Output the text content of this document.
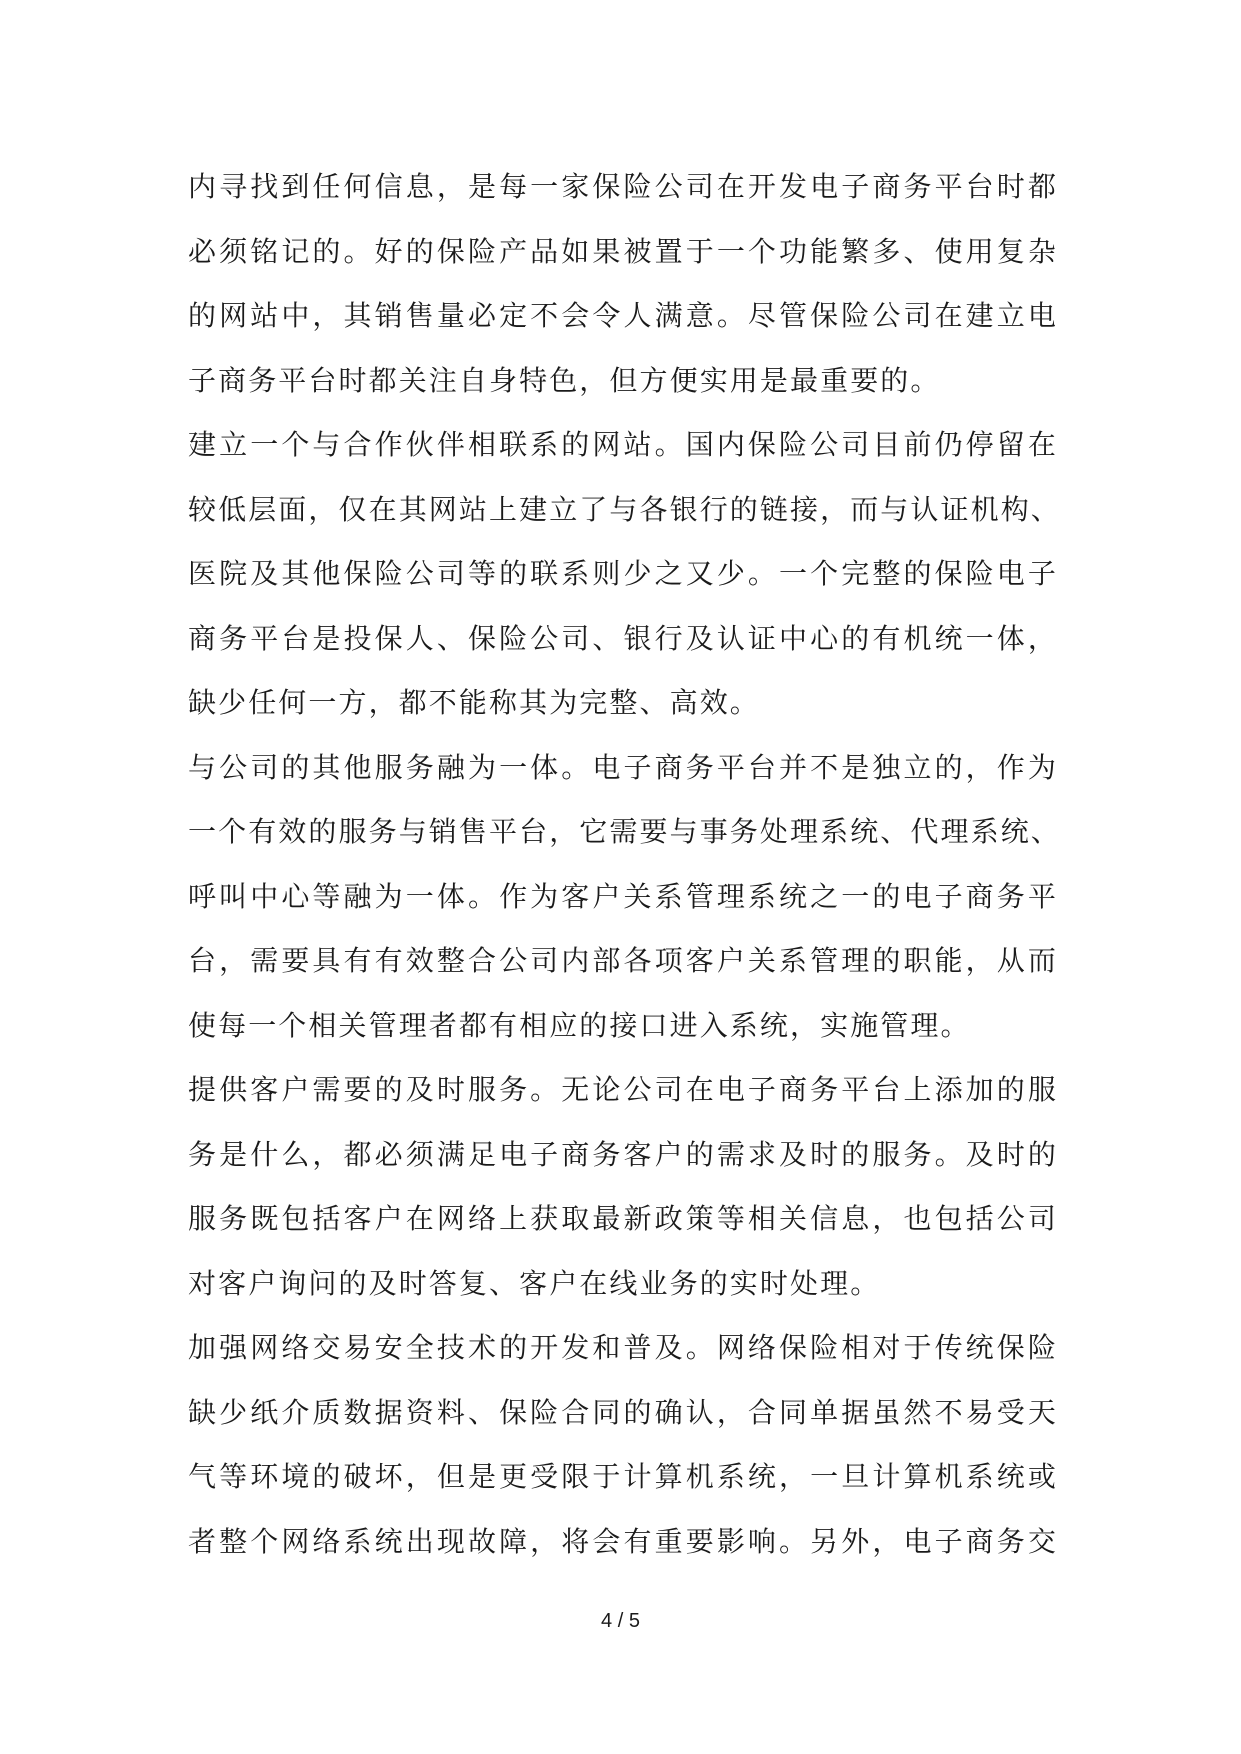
内寻找到任何信息，是每一家保险公司在开发电子商务平台时都
必须铭记的。好的保险产品如果被置于一个功能繁多、使用复杂
的网站中，其销售量必定不会令人满意。尽管保险公司在建立电
子商务平台时都关注自身特色，但方便实用是最重要的。
建立一个与合作伙伴相联系的网站。国内保险公司目前仍停留在
较低层面，仅在其网站上建立了与各银行的链接，而与认证机构、
医院及其他保险公司等的联系则少之又少。一个完整的保险电子
商务平台是投保人、保险公司、银行及认证中心的有机统一体，
缺少任何一方，都不能称其为完整、高效。
与公司的其他服务融为一体。电子商务平台并不是独立的，作为
一个有效的服务与销售平台，它需要与事务处理系统、代理系统、
呼叫中心等融为一体。作为客户关系管理系统之一的电子商务平
台，需要具有有效整合公司内部各项客户关系管理的职能，从而
使每一个相关管理者都有相应的接口进入系统，实施管理。
提供客户需要的及时服务。无论公司在电子商务平台上添加的服
务是什么，都必须满足电子商务客户的需求及时的服务。及时的
服务既包括客户在网络上获取最新政策等相关信息，也包括公司
对客户询问的及时答复、客户在线业务的实时处理。
加强网络交易安全技术的开发和普及。网络保险相对于传统保险
缺少纸介质数据资料、保险合同的确认，合同单据虽然不易受天
气等环境的破坏，但是更受限于计算机系统，一旦计算机系统或
者整个网络系统出现故障，将会有重要影响。另外，电子商务交
4 / 5
